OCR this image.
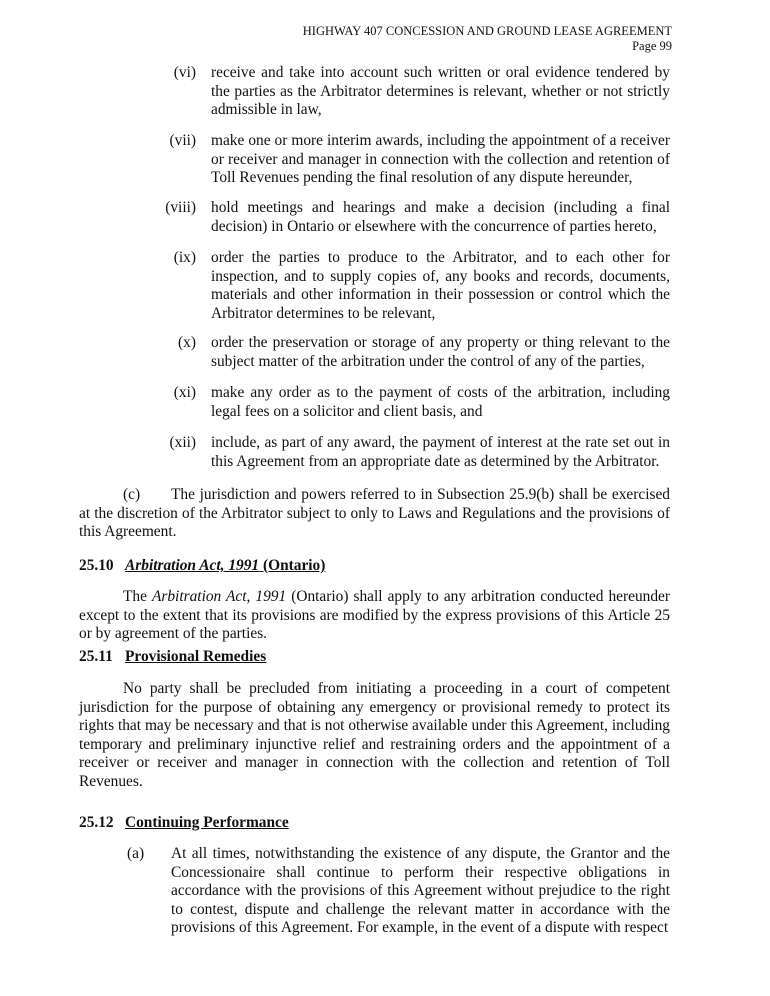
HIGHWAY 407 CONCESSION AND GROUND LEASE AGREEMENT
Page 99
(vi) receive and take into account such written or oral evidence tendered by the parties as the Arbitrator determines is relevant, whether or not strictly admissible in law,
(vii) make one or more interim awards, including the appointment of a receiver or receiver and manager in connection with the collection and retention of Toll Revenues pending the final resolution of any dispute hereunder,
(viii) hold meetings and hearings and make a decision (including a final decision) in Ontario or elsewhere with the concurrence of parties hereto,
(ix) order the parties to produce to the Arbitrator, and to each other for inspection, and to supply copies of, any books and records, documents, materials and other information in their possession or control which the Arbitrator determines to be relevant,
(x) order the preservation or storage of any property or thing relevant to the subject matter of the arbitration under the control of any of the parties,
(xi) make any order as to the payment of costs of the arbitration, including legal fees on a solicitor and client basis, and
(xii) include, as part of any award, the payment of interest at the rate set out in this Agreement from an appropriate date as determined by the Arbitrator.

(c) The jurisdiction and powers referred to in Subsection 25.9(b) shall be exercised at the discretion of the Arbitrator subject to only to Laws and Regulations and the provisions of this Agreement.

25.10 Arbitration Act, 1991 (Ontario)

The Arbitration Act, 1991 (Ontario) shall apply to any arbitration conducted hereunder except to the extent that its provisions are modified by the express provisions of this Article 25 or by agreement of the parties.

25.11 Provisional Remedies

No party shall be precluded from initiating a proceeding in a court of competent jurisdiction for the purpose of obtaining any emergency or provisional remedy to protect its rights that may be necessary and that is not otherwise available under this Agreement, including temporary and preliminary injunctive relief and restraining orders and the appointment of a receiver or receiver and manager in connection with the collection and retention of Toll Revenues.

25.12 Continuing Performance
(a) At all times, notwithstanding the existence of any dispute, the Grantor and the Concessionaire shall continue to perform their respective obligations in accordance with the provisions of this Agreement without prejudice to the right to contest, dispute and challenge the relevant matter in accordance with the provisions of this Agreement. For example, in the event of a dispute with respect
